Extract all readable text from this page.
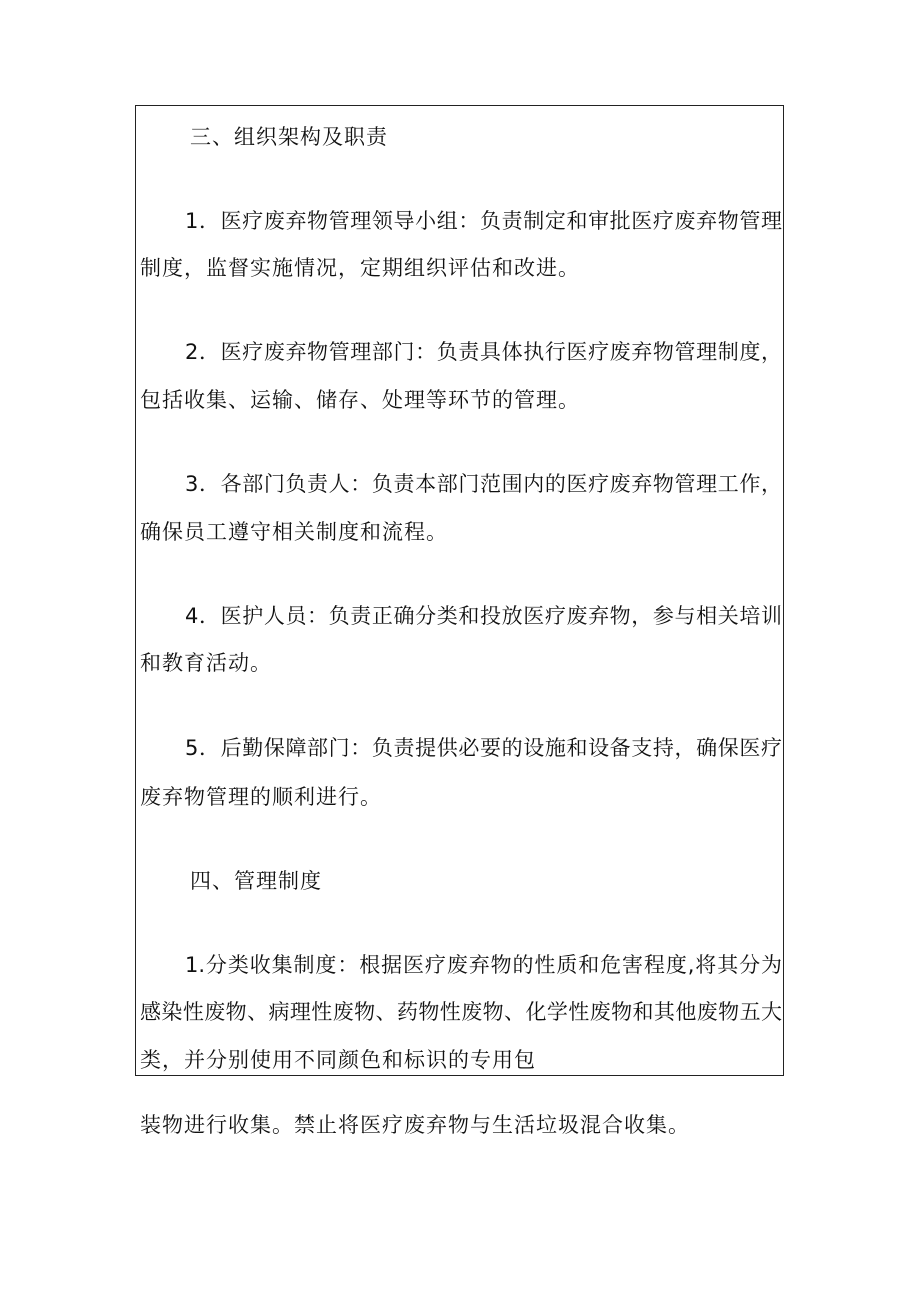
三、组织架构及职责
1．医疗废弃物管理领导小组：负责制定和审批医疗废弃物管理
制度，监督实施情况，定期组织评估和改进。
2．医疗废弃物管理部门：负责具体执行医疗废弃物管理制度，
包括收集、运输、储存、处理等环节的管理。
3．各部门负责人：负责本部门范围内的医疗废弃物管理工作，
确保员工遵守相关制度和流程。
4．医护人员：负责正确分类和投放医疗废弃物，参与相关培训
和教育活动。
5．后勤保障部门：负责提供必要的设施和设备支持，确保医疗
废弃物管理的顺利进行。
四、管理制度
1.分类收集制度：根据医疗废弃物的性质和危害程度,将其分为
感染性废物、病理性废物、药物性废物、化学性废物和其他废物五大
类，并分别使用不同颜色和标识的专用包
装物进行收集。禁止将医疗废弃物与生活垃圾混合收集。
